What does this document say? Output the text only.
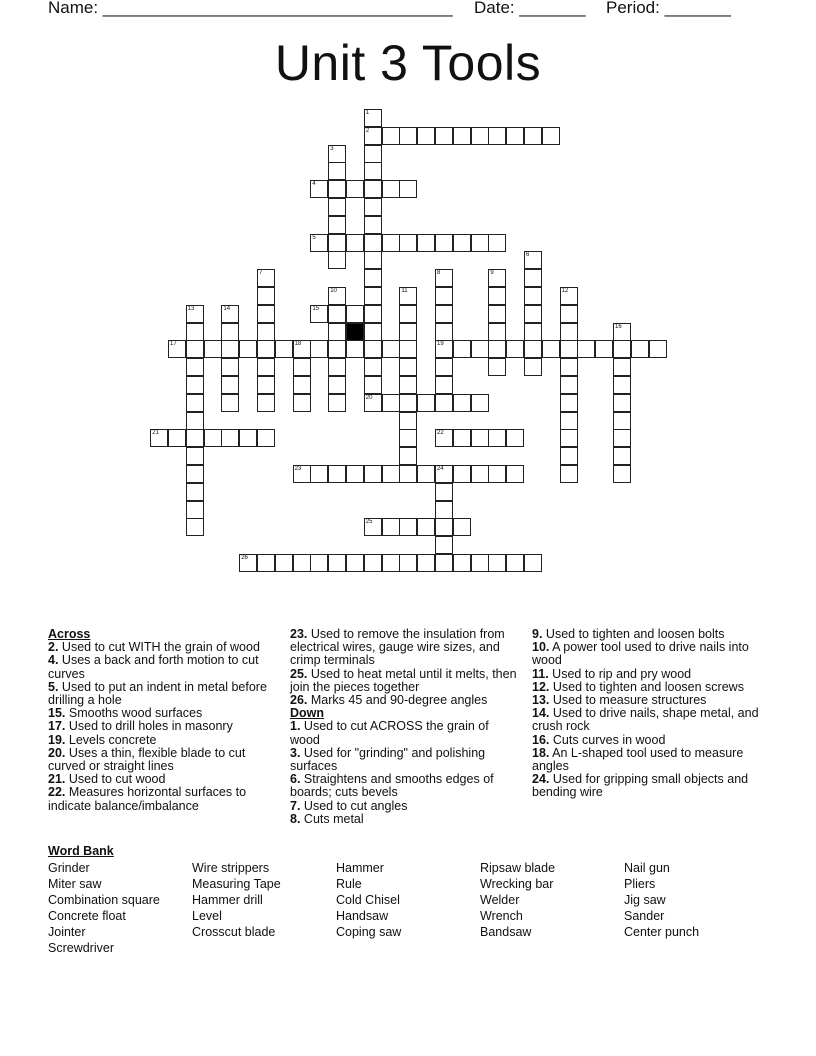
Name: _____________________________________ Date: _______ Period: _______
Unit 3 Tools
2
4
5
15
17	18	19
20
21	22
23	24
25
26
1
3
6
7	8	9
10	11	12
13	14
16
Across
2. Used to cut WITH the grain of wood
4. Uses a back and forth motion to cut curves
5. Used to put an indent in metal before drilling a hole
15. Smooths wood surfaces
17. Used to drill holes in masonry
19. Levels concrete
20. Uses a thin, flexible blade to cut curved or straight lines
21. Used to cut wood
22. Measures horizontal surfaces to indicate balance/imbalance
23. Used to remove the insulation from electrical wires, gauge wire sizes, and crimp terminals
25. Used to heat metal until it melts, then join the pieces together
26. Marks 45 and 90-degree angles
Down
1. Used to cut ACROSS the grain of wood
3. Used for "grinding" and polishing surfaces
6. Straightens and smooths edges of boards; cuts bevels
7. Used to cut angles
8. Cuts metal
9. Used to tighten and loosen bolts
10. A power tool used to drive nails into wood
11. Used to rip and pry wood
12. Used to tighten and loosen screws
13. Used to measure structures
14. Used to drive nails, shape metal, and crush rock
16. Cuts curves in wood
18. An L-shaped tool used to measure angles
24. Used for gripping small objects and bending wire
Word Bank
Grinder
Miter saw
Combination square
Concrete float
Jointer
Screwdriver
Wire strippers
Measuring Tape
Hammer drill
Level
Crosscut blade
Hammer
Rule
Cold Chisel
Handsaw
Coping saw
Ripsaw blade
Wrecking bar
Welder
Wrench
Bandsaw
Nail gun
Pliers
Jig saw
Sander
Center punch
